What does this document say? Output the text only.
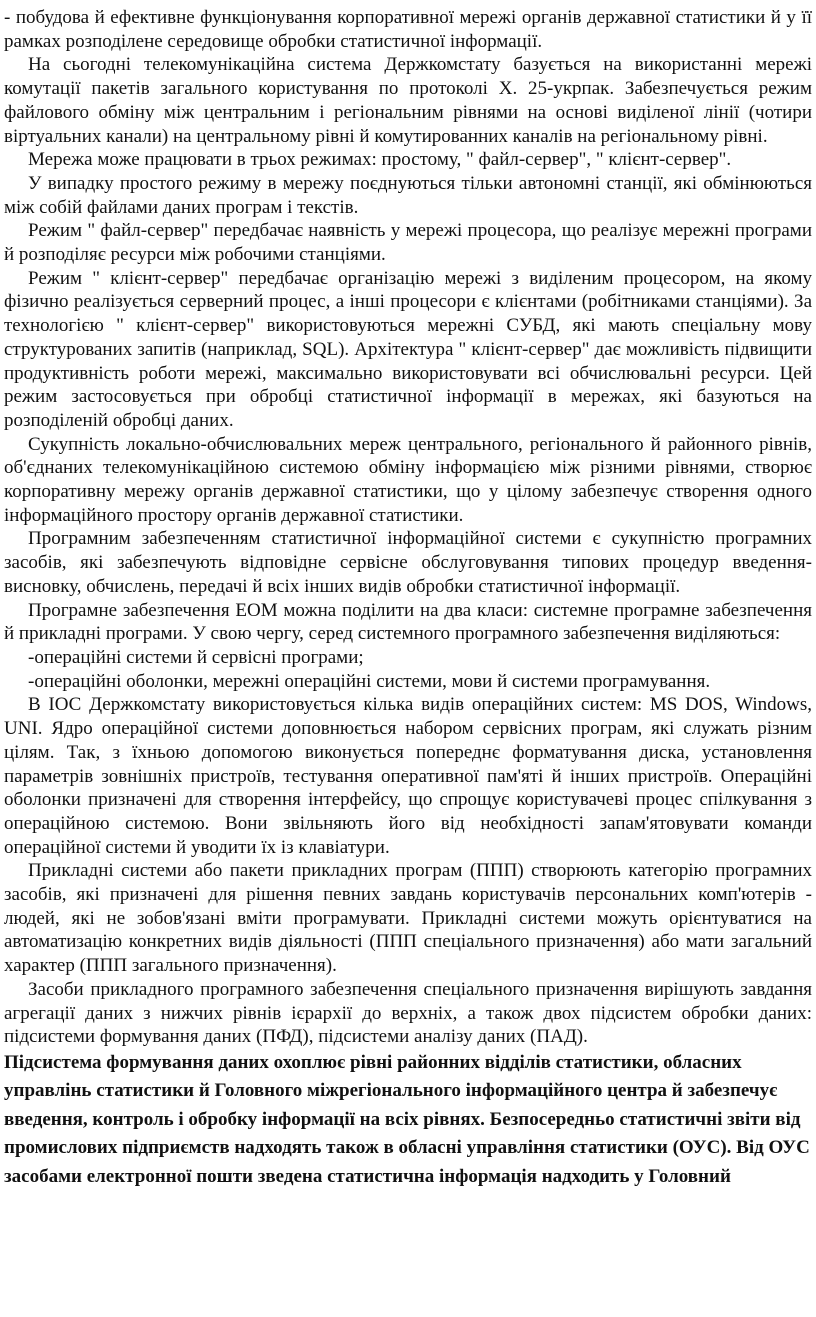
- побудова й ефективне функціонування корпоративної мережі органів державної статистики й у її рамках розподілене середовище обробки статистичної інформації.

На сьогодні телекомунікаційна система Держкомстату базується на використанні мережі комутації пакетів загального користування по протоколі X. 25-укрпак. Забезпечується режим файлового обміну між центральним і регіональним рівнями на основі виділеної лінії (чотири віртуальних канали) на центральному рівні й комутированних каналів на регіональному рівні.

Мережа може працювати в трьох режимах: простому, " файл-сервер", " клієнт-сервер".

У випадку простого режиму в мережу поєднуються тільки автономні станції, які обмінюються між собій файлами даних програм і текстів.

Режим " файл-сервер" передбачає наявність у мережі процесора, що реалізує мережні програми й розподіляє ресурси між робочими станціями.

Режим " клієнт-сервер" передбачає організацію мережі з виділеним процесором, на якому фізично реалізується серверний процес, а інші процесори є клієнтами (робітниками станціями). За технологією " клієнт-сервер" використовуються мережні СУБД, які мають спеціальну мову структурованих запитів (наприклад, SQL). Архітектура " клієнт-сервер" дає можливість підвищити продуктивність роботи мережі, максимально використовувати всі обчислювальні ресурси. Цей режим застосовується при обробці статистичної інформації в мережах, які базуються на розподіленій обробці даних.

Сукупність локально-обчислювальних мереж центрального, регіонального й районного рівнів, об'єднаних телекомунікаційною системою обміну інформацією між різними рівнями, створює корпоративну мережу органів державної статистики, що у цілому забезпечує створення одного інформаційного простору органів державної статистики.

Програмним забезпеченням статистичної інформаційної системи є сукупністю програмних засобів, які забезпечують відповідне сервісне обслуговування типових процедур введення- висновку, обчислень, передачі й всіх інших видів обробки статистичної інформації.

Програмне забезпечення ЕОМ можна поділити на два класи: системне програмне забезпечення й прикладні програми. У свою чергу, серед системного програмного забезпечення виділяються:

-операційні системи й сервісні програми;

-операційні оболонки, мережні операційні системи, мови й системи програмування.

В ІОС Держкомстату використовується кілька видів операційних систем: MS DOS, Windows, UNI. Ядро операційної системи доповнюється набором сервісних програм, які служать різним цілям. Так, з їхньою допомогою виконується попереднє форматування диска, установлення параметрів зовнішніх пристроїв, тестування оперативної пам'яті й інших пристроїв. Операційні оболонки призначені для створення інтерфейсу, що спрощує користувачеві процес спілкування з операційною системою. Вони звільняють його від необхідності запам'ятовувати команди операційної системи й уводити їх із клавіатури.

Прикладні системи або пакети прикладних програм (ППП) створюють категорію програмних засобів, які призначені для рішення певних завдань користувачів персональних комп'ютерів - людей, які не зобов'язані вміти програмувати. Прикладні системи можуть орієнтуватися на автоматизацію конкретних видів діяльності (ППП спеціального призначення) або мати загальний характер (ППП загального призначення).

Засоби прикладного програмного забезпечення спеціального призначення вирішують завдання агрегації даних з нижчих рівнів ієрархії до верхніх, а також двох підсистем обробки даних: підсистеми формування даних (ПФД), підсистеми аналізу даних (ПАД).

Підсистема формування даних охоплює рівні районних відділів статистики, обласних управлінь статистики й Головного міжрегіонального інформаційного центра й забезпечує введення, контроль і обробку інформації на всіх рівнях. Безпосередньо статистичні звіти від промислових підприємств надходять також в обласні управління статистики (ОУС). Від ОУС засобами електронної пошти зведена статистична інформація надходить у Головний
